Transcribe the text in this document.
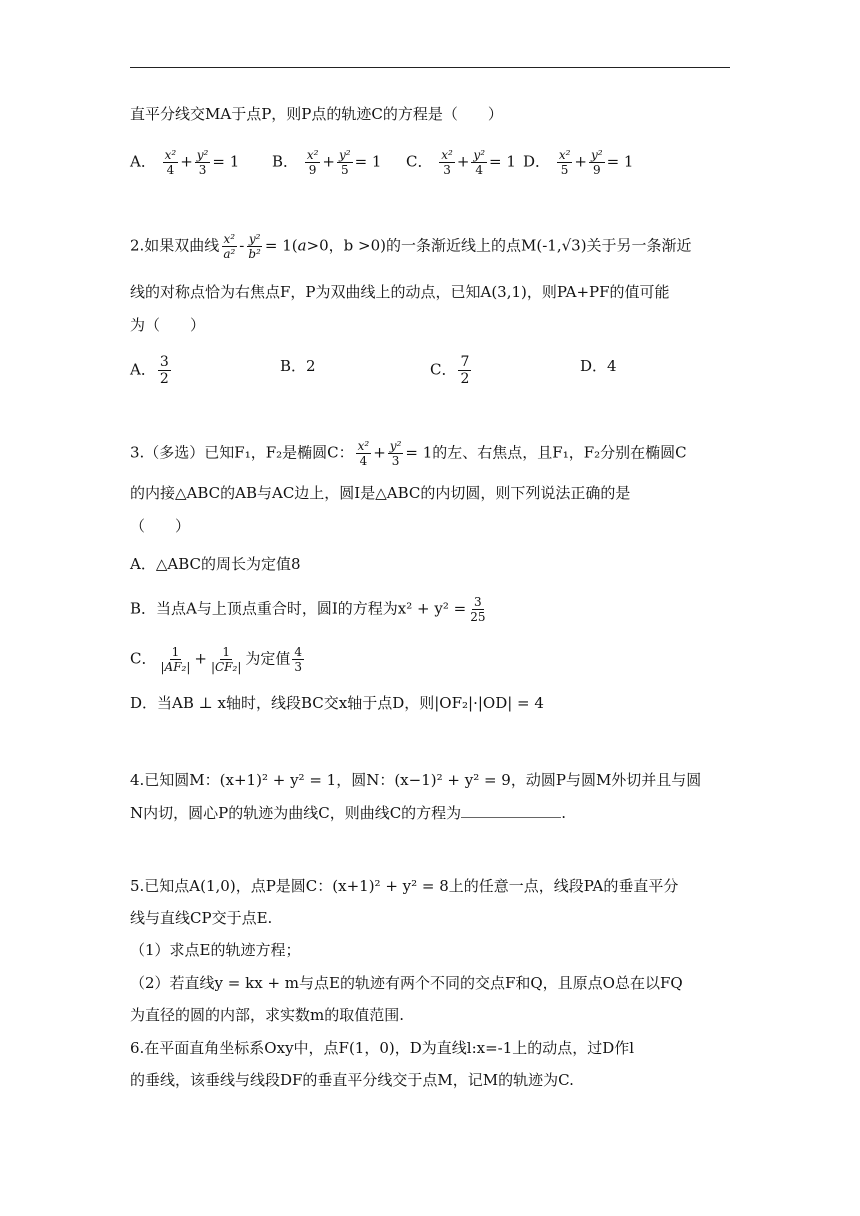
直平分线交MA于点P，则P点的轨迹C的方程是（　　）
A． $\frac{\text{x²}}{4} + \frac{\text{y²}}{3} = 1$ B． $\frac{\text{x²}}{9} + \frac{\text{y²}}{5} = 1$ C． $\frac{\text{x²}}{3} + \frac{\text{y²}}{4} = 1$ D． $\frac{\text{x²}}{5} + \frac{\text{y²}}{9} = 1$
2.如果双曲线 $\frac{\text{x²}}{\text{a²}} - \frac{\text{y²}}{\text{b²}} = 1(a>0$，b >0)的一条渐近线上的点M(-1,√3)关于另一条渐近
线的对称点恰为右焦点F，P为双曲线上的动点，已知A(3,1)，则PA+PF的值可能
为（　　）
A． $\frac{3}{2}$	B．2	C． $\frac{7}{2}$	D．4
3.（多选）已知F₁，F₂是椭圆C： $\frac{\text{x²}}{4} + \frac{\text{y²}}{3} = 1$的左、右焦点，且F₁，F₂分别在椭圆C
的内接△ABC的AB与AC边上，圆I是△ABC的内切圆，则下列说法正确的是
（　　）
A．△ABC的周长为定值8
B．当点A与上顶点重合时，圆I的方程为$x^2 + y^2 = \frac{3}{25}$
C． $\frac{1}{\text{|AF₂|}} + \frac{1}{\text{|CF₂|}}$ 为定值 $\frac{4}{3}$
D．当AB ⊥ x轴时，线段BC交x轴于点D，则|OF₂|·|OD| = 4
4.已知圆M：(x+1)² + y² = 1，圆N：(x−1)² + y² = 9，动圆P与圆M外切并且与圆
N内切，圆心P的轨迹为曲线C，则曲线C的方程为	.
5.已知点A(1,0)，点P是圆C：(x+1)² + y² = 8上的任意一点，线段PA的垂直平分
线与直线CP交于点E.
（1）求点E的轨迹方程；
（2）若直线y = kx + m与点E的轨迹有两个不同的交点F和Q，且原点O总在以FQ
为直径的圆的内部，求实数m的取值范围.
6.在平面直角坐标系Oxy中，点F(1，0)，D为直线l:x=-1上的动点，过D作l
的垂线，该垂线与线段DF的垂直平分线交于点M，记M的轨迹为C.
